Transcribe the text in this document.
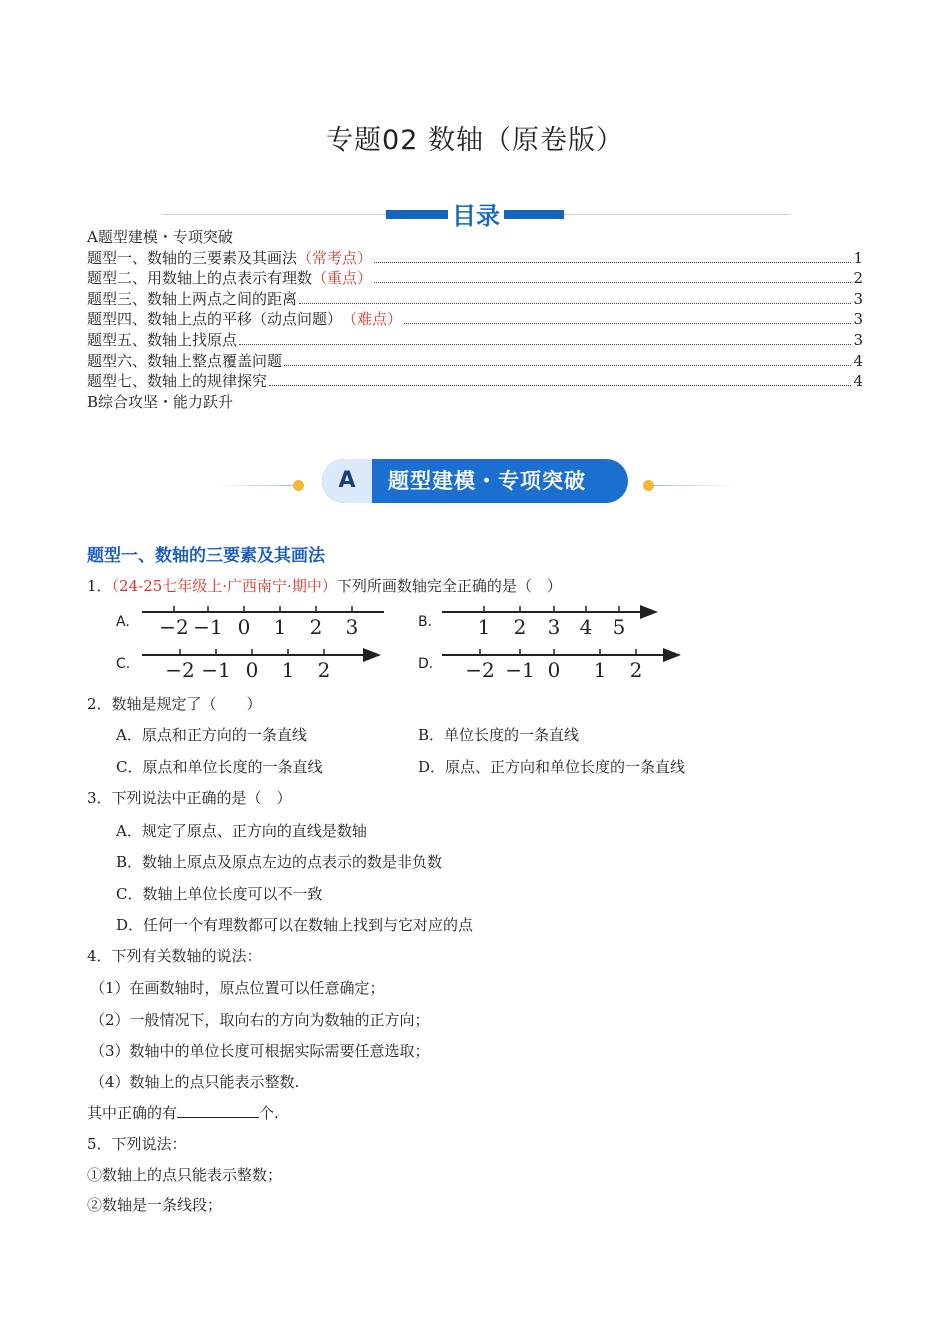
专题02 数轴（原卷版）
目录
A题型建模・专项突破
题型一、数轴的三要素及其画法 （常考点）	1
题型二、用数轴上的点表示有理数 （重点）	2
题型三、数轴上两点之间的距离	3
题型四、数轴上点的平移（动点问题） （难点）	3
题型五、数轴上找原点	3
题型六、数轴上整点覆盖问题	4
题型七、数轴上的规律探究	4
B综合攻坚・能力跃升
A	题型建模・专项突破
题型一、数轴的三要素及其画法
1．（24-25七年级上·广西南宁·期中）下列所画数轴完全正确的是（　）
A. −2 −1 0 1 2 3	B. 1 2 3 4 5
C. −2 −1 0 1 2	D. −2 −1 0 1 2
2．数轴是规定了（　　）
A．原点和正方向的一条直线	B．单位长度的一条直线
C．原点和单位长度的一条直线	D．原点、正方向和单位长度的一条直线
3．下列说法中正确的是（　）
A．规定了原点、正方向的直线是数轴
B．数轴上原点及原点左边的点表示的数是非负数
C．数轴上单位长度可以不一致
D．任何一个有理数都可以在数轴上找到与它对应的点
4．下列有关数轴的说法：
（1）在画数轴时，原点位置可以任意确定；
（2）一般情况下，取向右的方向为数轴的正方向；
（3）数轴中的单位长度可根据实际需要任意选取；
（4）数轴上的点只能表示整数.
其中正确的有	个.
5．下列说法：
①数轴上的点只能表示整数；
②数轴是一条线段；
